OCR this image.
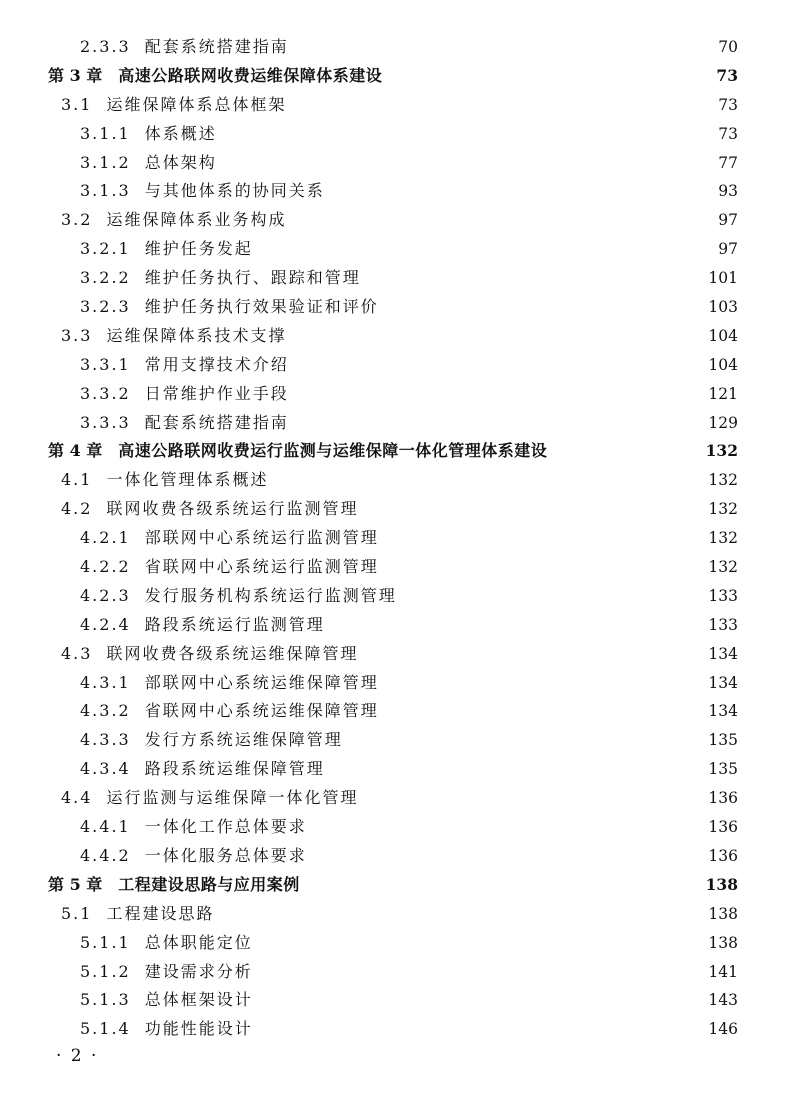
2.3.3 配套系统搭建指南	70
第 3 章 高速公路联网收费运维保障体系建设	73
3.1 运维保障体系总体框架	73
3.1.1 体系概述	73
3.1.2 总体架构	77
3.1.3 与其他体系的协同关系	93
3.2 运维保障体系业务构成	97
3.2.1 维护任务发起	97
3.2.2 维护任务执行、跟踪和管理	101
3.2.3 维护任务执行效果验证和评价	103
3.3 运维保障体系技术支撑	104
3.3.1 常用支撑技术介绍	104
3.3.2 日常维护作业手段	121
3.3.3 配套系统搭建指南	129
第 4 章 高速公路联网收费运行监测与运维保障一体化管理体系建设	132
4.1 一体化管理体系概述	132
4.2 联网收费各级系统运行监测管理	132
4.2.1 部联网中心系统运行监测管理	132
4.2.2 省联网中心系统运行监测管理	132
4.2.3 发行服务机构系统运行监测管理	133
4.2.4 路段系统运行监测管理	133
4.3 联网收费各级系统运维保障管理	134
4.3.1 部联网中心系统运维保障管理	134
4.3.2 省联网中心系统运维保障管理	134
4.3.3 发行方系统运维保障管理	135
4.3.4 路段系统运维保障管理	135
4.4 运行监测与运维保障一体化管理	136
4.4.1 一体化工作总体要求	136
4.4.2 一体化服务总体要求	136
第 5 章 工程建设思路与应用案例	138
5.1 工程建设思路	138
5.1.1 总体职能定位	138
5.1.2 建设需求分析	141
5.1.3 总体框架设计	143
5.1.4 功能性能设计	146
· 2 ·
